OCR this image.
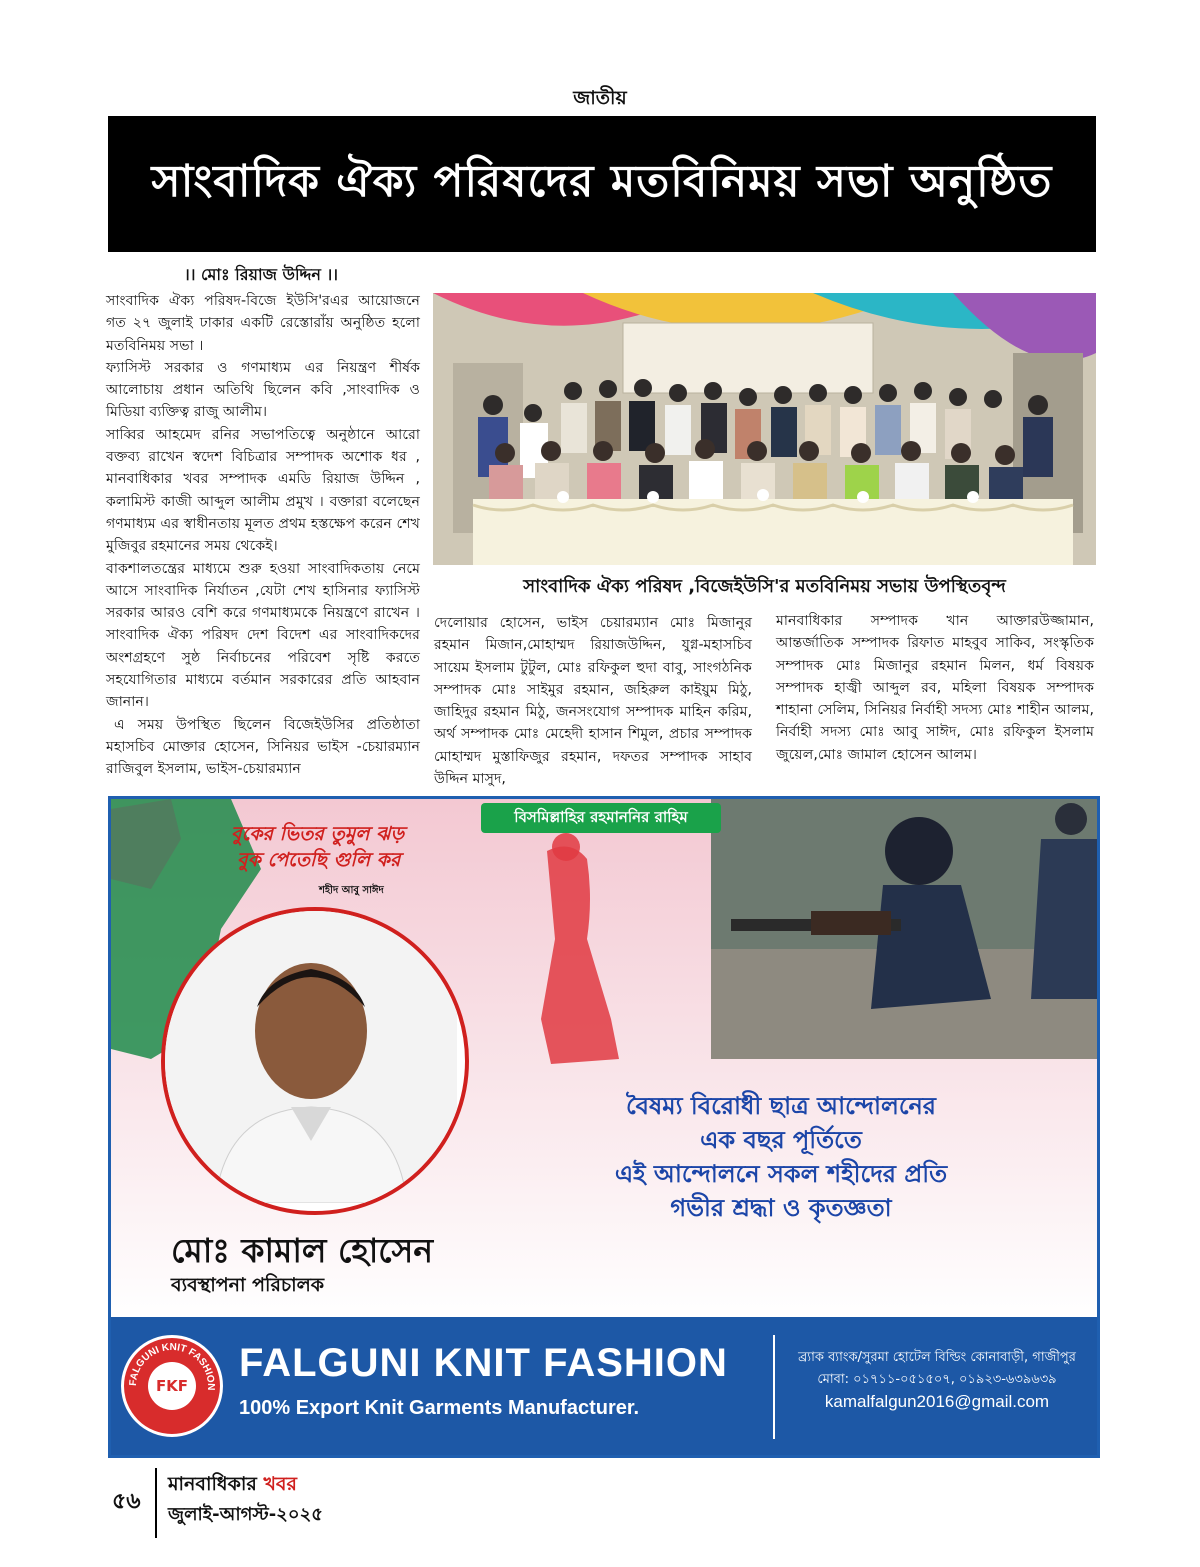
জাতীয়
সাংবাদিক ঐক্য পরিষদের মতবিনিময় সভা অনুষ্ঠিত
।। মোঃ রিয়াজ উদ্দিন ।।

সাংবাদিক ঐক্য পরিষদ-বিজে ইউসি'রএর আয়োজনে গত ২৭ জুলাই ঢাকার একটি রেস্তোরাঁয় অনুষ্ঠিত হলো মতবিনিময় সভা ।

ফ্যাসিস্ট সরকার ও গণমাধ্যম এর নিয়ন্ত্রণ শীর্ষক আলোচায় প্রধান অতিথি ছিলেন কবি ,সাংবাদিক ও মিডিয়া ব্যক্তিত্ব রাজু আলীম।

সাব্বির আহমেদ রনির সভাপতিত্বে অনুষ্ঠানে আরো বক্তব্য রাখেন স্বদেশ বিচিত্রার সম্পাদক অশোক ধর , মানবাধিকার খবর সম্পাদক এমডি রিয়াজ উদ্দিন , কলামিস্ট কাজী আব্দুল আলীম প্রমুখ । বক্তারা বলেছেন গণমাধ্যম এর স্বাধীনতায় মূলত প্রথম হস্তক্ষেপ করেন শেখ মুজিবুর রহমানের সময় থেকেই।

বাকশালতন্ত্রের মাধ্যমে শুরু হওয়া সাংবাদিকতায় নেমে আসে সাংবাদিক নির্যাতন ,যেটা শেখ হাসিনার ফ্যাসিস্ট সরকার আরও বেশি করে গণমাধ্যমকে নিয়ন্ত্রণে রাখেন । সাংবাদিক ঐক্য পরিষদ দেশ বিদেশ এর সাংবাদিকদের অংশগ্রহণে সুষ্ঠ নির্বাচনের পরিবেশ সৃষ্টি করতে সহযোগিতার মাধ্যমে বর্তমান সরকারের প্রতি আহবান জানান।

এ সময় উপস্থিত ছিলেন বিজেইউসির প্রতিষ্ঠাতা মহাসচিব মোক্তার হোসেন, সিনিয়র ভাইস -চেয়ারম্যান রাজিবুল ইসলাম, ভাইস-চেয়ারম্যান

সাংবাদিক ঐক্য পরিষদ ,বিজেইউসি'র মতবিনিময় সভায় উপস্থিতবৃন্দ
দেলোয়ার হোসেন, ভাইস চেয়ারম্যান মোঃ মিজানুর রহমান মিজান,মোহাম্মদ রিয়াজউদ্দিন, যুগ্ন-মহাসচিব সায়েম ইসলাম টুটুল, মোঃ রফিকুল হুদা বাবু, সাংগঠনিক সম্পাদক মোঃ সাইমুর রহমান, জহিরুল কাইয়ুম মিঠু, জাহিদুর রহমান মিঠু, জনসংযোগ সম্পাদক মাহিন করিম, অর্থ সম্পাদক মোঃ মেহেদী হাসান শিমুল, প্রচার সম্পাদক মোহাম্মদ মুস্তাফিজুর রহমান, দফতর সম্পাদক সাহাব উদ্দিন মাসুদ,
মানবাধিকার সম্পাদক খান আক্তারউজ্জামান, আন্তর্জাতিক সম্পাদক রিফাত মাহবুব সাকিব, সংস্কৃতিক সম্পাদক মোঃ মিজানুর রহমান মিলন, ধর্ম বিষয়ক সম্পাদক হাজ্বী আব্দুল রব, মহিলা বিষয়ক সম্পাদক শাহানা সেলিম, সিনিয়র নির্বাহী সদস্য মোঃ শাহীন আলম, নির্বাহী সদস্য মোঃ আবু সাঈদ, মোঃ রফিকুল ইসলাম জুয়েল,মোঃ জামাল হোসেন আলম।
বিসমিল্লাহির রহমাননির রাহিম
বুকের ভিতর তুমুল ঝড়
বুক পেতেছি গুলি কর
শহীদ আবু সাঈদ
বৈষম্য বিরোধী ছাত্র আন্দোলনের
এক বছর পূর্তিতে
এই আন্দোলনে সকল শহীদের প্রতি
গভীর শ্রদ্ধা ও কৃতজ্ঞতা
মোঃ কামাল হোসেন
ব্যবস্থাপনা পরিচালক
FALGUNI KNIT FASHION
FKF
FALGUNI KNIT FASHION
100% Export Knit Garments Manufacturer.
ব্র্যাক ব্যাংক/সুরমা হোটেল বিল্ডিং কোনাবাড়ী, গাজীপুর
মোবা: ০১৭১১-০৫১৫০৭, ০১৯২৩-৬৩৯৬৩৯
kamalfalgun2016@gmail.com
৫৬
মানবাধিকার খবর
জুলাই-আগস্ট-২০২৫
